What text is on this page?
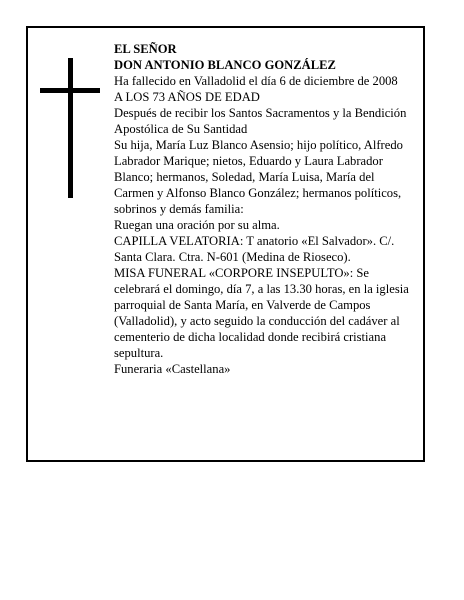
EL SEÑOR

DON ANTONIO BLANCO GONZÁLEZ

Ha fallecido en Valladolid el día 6 de diciembre de 2008

A LOS 73 AÑOS DE EDAD

Después de recibir los Santos Sacramentos y la Bendición Apostólica de Su Santidad

Su hija, María Luz Blanco Asensio; hijo político, Alfredo Labrador Marique; nietos, Eduardo y Laura Labrador Blanco; hermanos, Soledad, María Luisa, María del Carmen y Alfonso Blanco González; hermanos políticos, sobrinos y demás familia:

Ruegan una oración por su alma.

CAPILLA VELATORIA: T anatorio «El Salvador». C/. Santa Clara. Ctra. N-601 (Medina de Rioseco).

MISA FUNERAL «CORPORE INSEPULTO»: Se celebrará el domingo, día 7, a las 13.30 horas, en la iglesia parroquial de Santa María, en Valverde de Campos (Valladolid), y acto seguido la conducción del cadáver al cementerio de dicha localidad donde recibirá cristiana sepultura.

Funeraria «Castellana»
